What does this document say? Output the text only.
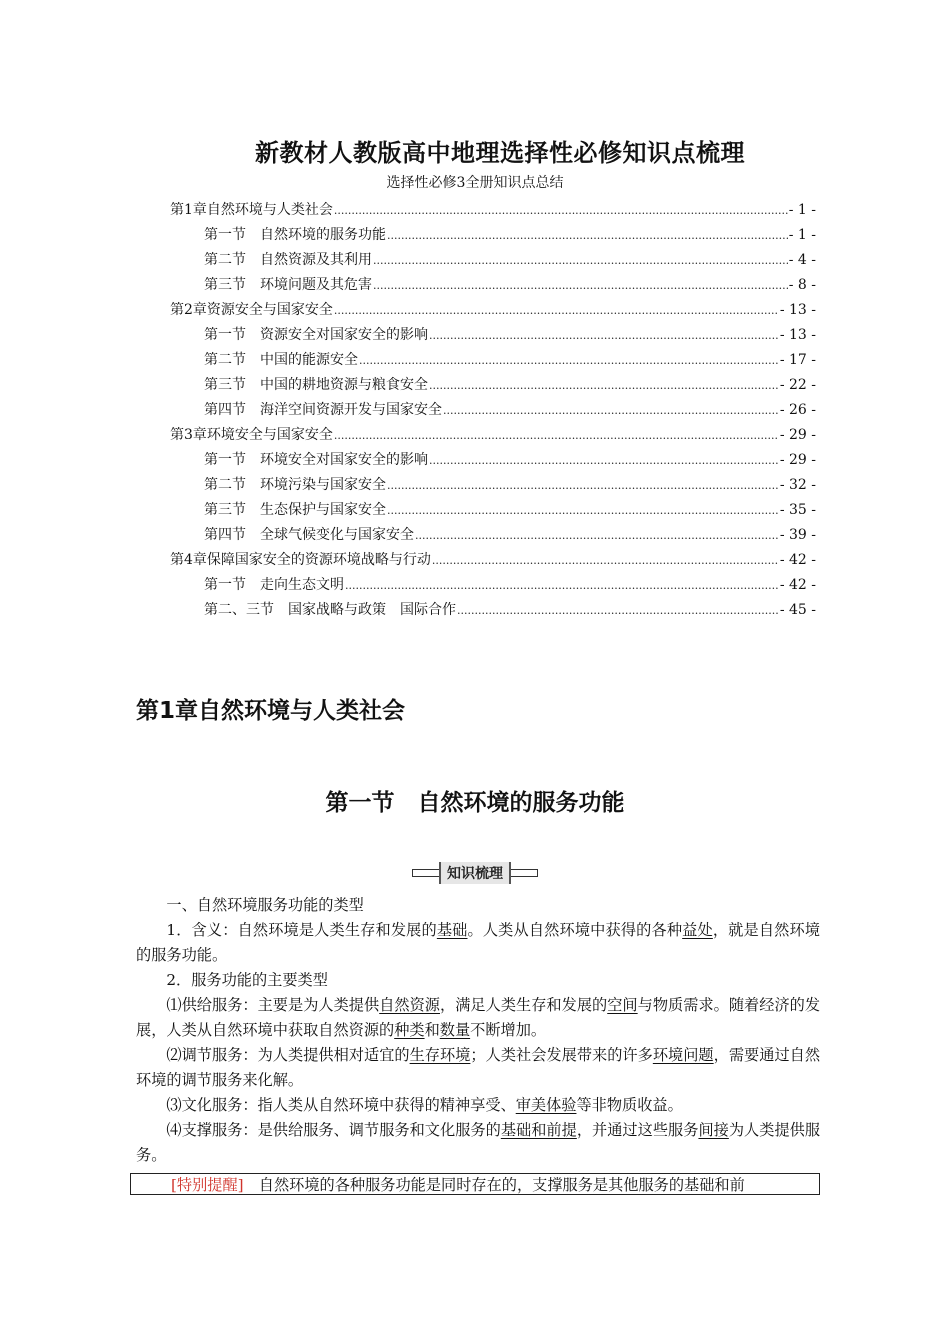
新教材人教版高中地理选择性必修知识点梳理
选择性必修3全册知识点总结
第1章自然环境与人类社会 .....	- 1 -
第一节　自然环境的服务功能 .....	- 1 -
第二节　自然资源及其利用 .....	- 4 -
第三节　环境问题及其危害 .....	- 8 -
第2章资源安全与国家安全 .....	- 13 -
第一节　资源安全对国家安全的影响 .....	- 13 -
第二节　中国的能源安全 .....	- 17 -
第三节　中国的耕地资源与粮食安全 .....	- 22 -
第四节　海洋空间资源开发与国家安全 .....	- 26 -
第3章环境安全与国家安全 .....	- 29 -
第一节　环境安全对国家安全的影响 .....	- 29 -
第二节　环境污染与国家安全 .....	- 32 -
第三节　生态保护与国家安全 .....	- 35 -
第四节　全球气候变化与国家安全 .....	- 39 -
第4章保障国家安全的资源环境战略与行动 .....	- 42 -
第一节　走向生态文明 .....	- 42 -
第二、三节　国家战略与政策　国际合作 .....	- 45 -
第1章自然环境与人类社会
第一节　自然环境的服务功能
知识梳理

一、自然环境服务功能的类型

1．含义：自然环境是人类生存和发展的基础。人类从自然环境中获得的各种益处，就是自然环境的服务功能。

2．服务功能的主要类型

⑴供给服务：主要是为人类提供自然资源，满足人类生存和发展的空间与物质需求。随着经济的发展，人类从自然环境中获取自然资源的种类和数量不断增加。

⑵调节服务：为人类提供相对适宜的生存环境；人类社会发展带来的许多环境问题，需要通过自然环境的调节服务来化解。

⑶文化服务：指人类从自然环境中获得的精神享受、审美体验等非物质收益。

⑷支撑服务：是供给服务、调节服务和文化服务的基础和前提，并通过这些服务间接为人类提供服务。

[特别提醒]　自然环境的各种服务功能是同时存在的，支撑服务是其他服务的基础和前
